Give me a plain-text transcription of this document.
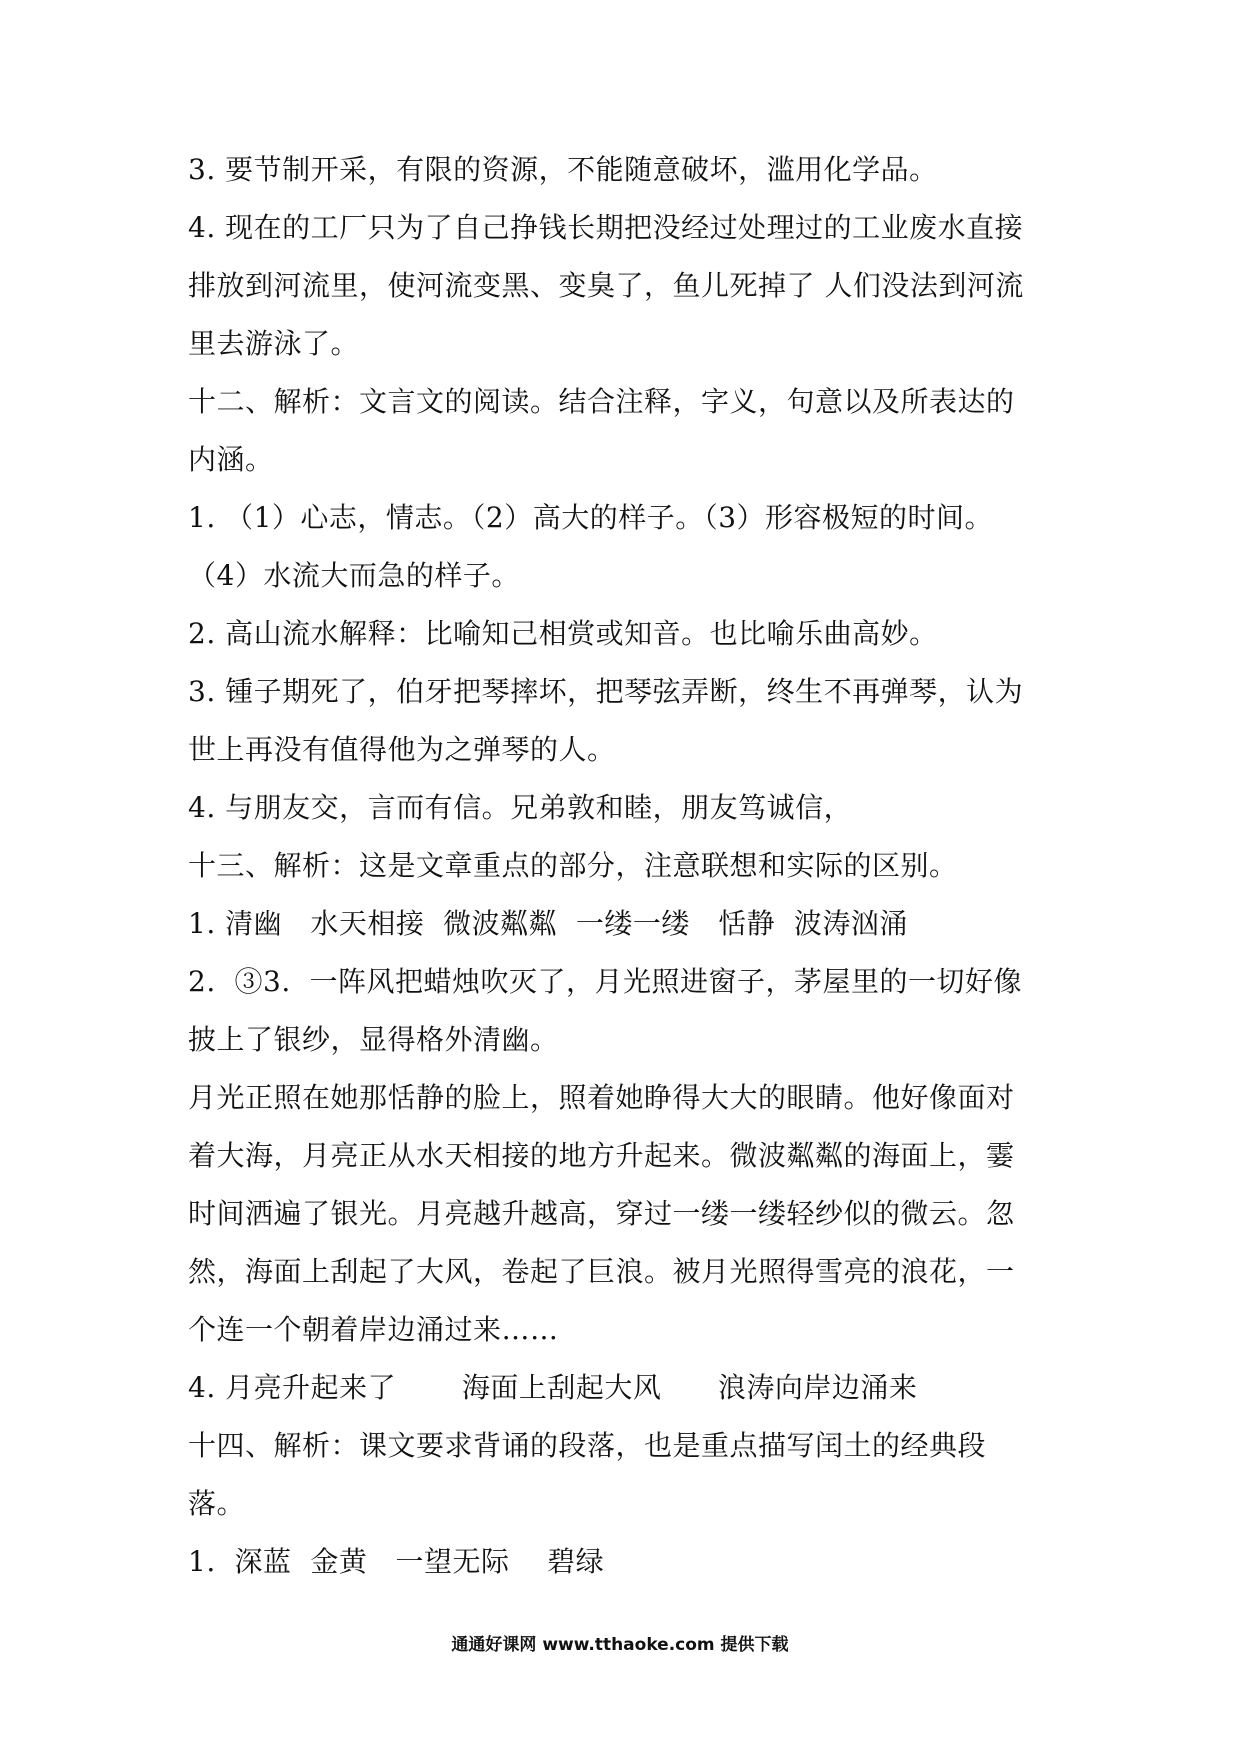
3. 要节制开采，有限的资源，不能随意破坏，滥用化学品。
4. 现在的工厂只为了自己挣钱长期把没经过处理过的工业废水直接
排放到河流里，使河流变黑、变臭了，鱼儿死掉了 人们没法到河流
里去游泳了。
十二、解析：文言文的阅读。结合注释，字义，句意以及所表达的
内涵。
1. （1）心志，情志。（2）高大的样子。（3）形容极短的时间。
（4）水流大而急的样子。
2. 高山流水解释：比喻知己相赏或知音。也比喻乐曲高妙。
3. 锺子期死了，伯牙把琴摔坏，把琴弦弄断，终生不再弹琴，认为
世上再没有值得他为之弹琴的人。
4. 与朋友交，言而有信。兄弟敦和睦，朋友笃诚信，
十三、解析：这是文章重点的部分，注意联想和实际的区别。
1. 清幽   水天相接  微波粼粼  一缕一缕   恬静  波涛汹涌
2.  ③3.  一阵风把蜡烛吹灭了，月光照进窗子，茅屋里的一切好像
披上了银纱，显得格外清幽。
月光正照在她那恬静的脸上，照着她睁得大大的眼睛。他好像面对
着大海，月亮正从水天相接的地方升起来。微波粼粼的海面上，霎
时间洒遍了银光。月亮越升越高，穿过一缕一缕轻纱似的微云。忽
然，海面上刮起了大风，卷起了巨浪。被月光照得雪亮的浪花，一
个连一个朝着岸边涌过来……
4. 月亮升起来了       海面上刮起大风      浪涛向岸边涌来
十四、解析：课文要求背诵的段落，也是重点描写闰土的经典段
落。
1.  深蓝  金黄   一望无际    碧绿
通通好课网 www.tthaoke.com 提供下载
